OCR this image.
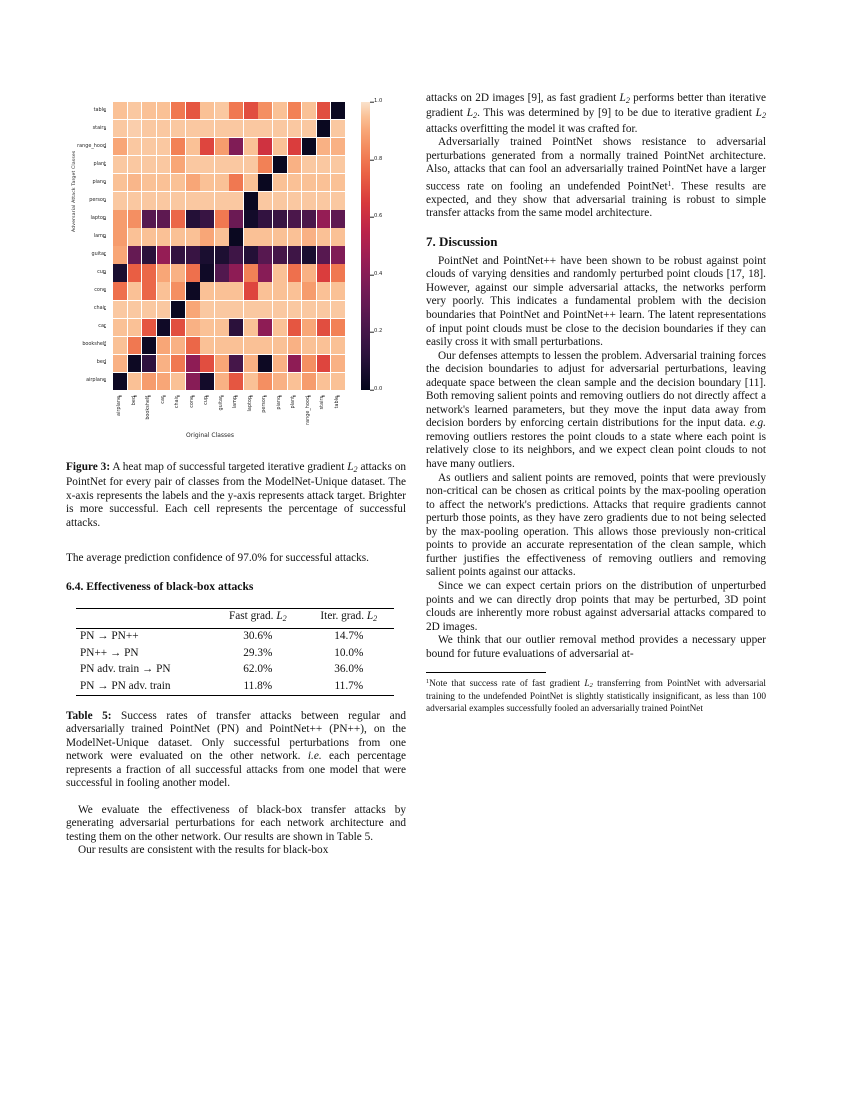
Adversarial Attack Target Classes
table
stairs
range_hood
plant
piano
person
laptop
lamp
guitar
cup
cone
chair
car
bookshelf
bed
airplane
airplane	bed	bookshelf	car	chair	cone	cup	guitar	lamp	laptop	person	piano	plant	range_hood	stairs	table
Original Classes
0.0
0.2
0.4
0.6
0.8
1.0
Figure 3: A heat map of successful targeted iterative gradient $L_2$ attacks on PointNet for every pair of classes from the ModelNet-Unique dataset. The x-axis represents the labels and the y-axis represents attack target. Brighter is more successful. Each cell represents the percentage of successful attacks.

The average prediction confidence of 97.0% for successful attacks.

6.4. Effectiveness of black-box attacks
	Fast grad. $L_2$	Iter. grad. $L_2$
PN → PN++	30.6%	14.7%
PN++ → PN	29.3%	10.0%
PN adv. train → PN	62.0%	36.0%
PN → PN adv. train	11.8%	11.7%

Table 5: Success rates of transfer attacks between regular and adversarially trained PointNet (PN) and PointNet++ (PN++), on the ModelNet-Unique dataset. Only successful perturbations from one network were evaluated on the other network. i.e. each percentage represents a fraction of all successful attacks from one model that were successful in fooling another model.

We evaluate the effectiveness of black-box transfer attacks by generating adversarial perturbations for each network architecture and testing them on the other network. Our results are shown in Table 5.

Our results are consistent with the results for black-box

attacks on 2D images [9], as fast gradient $L_2$ performs better than iterative gradient $L_2$. This was determined by [9] to be due to iterative gradient $L_2$ attacks overfitting the model it was crafted for.

Adversarially trained PointNet shows resistance to adversarial perturbations generated from a normally trained PointNet architecture. Also, attacks that can fool an adversarially trained PointNet have a larger success rate on fooling an undefended PointNet$^1$. These results are expected, and they show that adversarial training is robust to simple transfer attacks from the same model architecture.

7. Discussion

PointNet and PointNet++ have been shown to be robust against point clouds of varying densities and randomly perturbed point clouds [17, 18]. However, against our simple adversarial attacks, the networks perform very poorly. This indicates a fundamental problem with the decision boundaries that PointNet and PointNet++ learn. The latent representations of input point clouds must be close to the decision boundaries if they can easily cross it with small perturbations.

Our defenses attempts to lessen the problem. Adversarial training forces the decision boundaries to adjust for adversarial perturbations, leaving adequate space between the clean sample and the decision boundary [11]. Both removing salient points and removing outliers do not directly affect a network's learned parameters, but they move the input data away from decision borders by enforcing certain distributions for the input data. e.g. removing outliers restores the point clouds to a state where each point is relatively close to its neighbors, and we expect clean point clouds to not have many outliers.

As outliers and salient points are removed, points that were previously non-critical can be chosen as critical points by the max-pooling operation to affect the network's predictions. Attacks that require gradients cannot perturb those points, as they have zero gradients due to not being selected by the max-pooling operation. This allows those previously non-critical points to provide an accurate representation of the clean sample, which further justifies the effectiveness of removing outliers and removing salient points against our attacks.

Since we can expect certain priors on the distribution of unperturbed points and we can directly drop points that may be perturbed, 3D point clouds are inherently more robust against adversarial attacks compared to 2D images.

We think that our outlier removal method provides a necessary upper bound for future evaluations of adversarial at-

$^1$Note that success rate of fast gradient $L_2$ transferring from PointNet with adversarial training to the undefended PointNet is slightly statistically insignificant, as less than 100 adversarial examples successfully fooled an adversarially trained PointNet
